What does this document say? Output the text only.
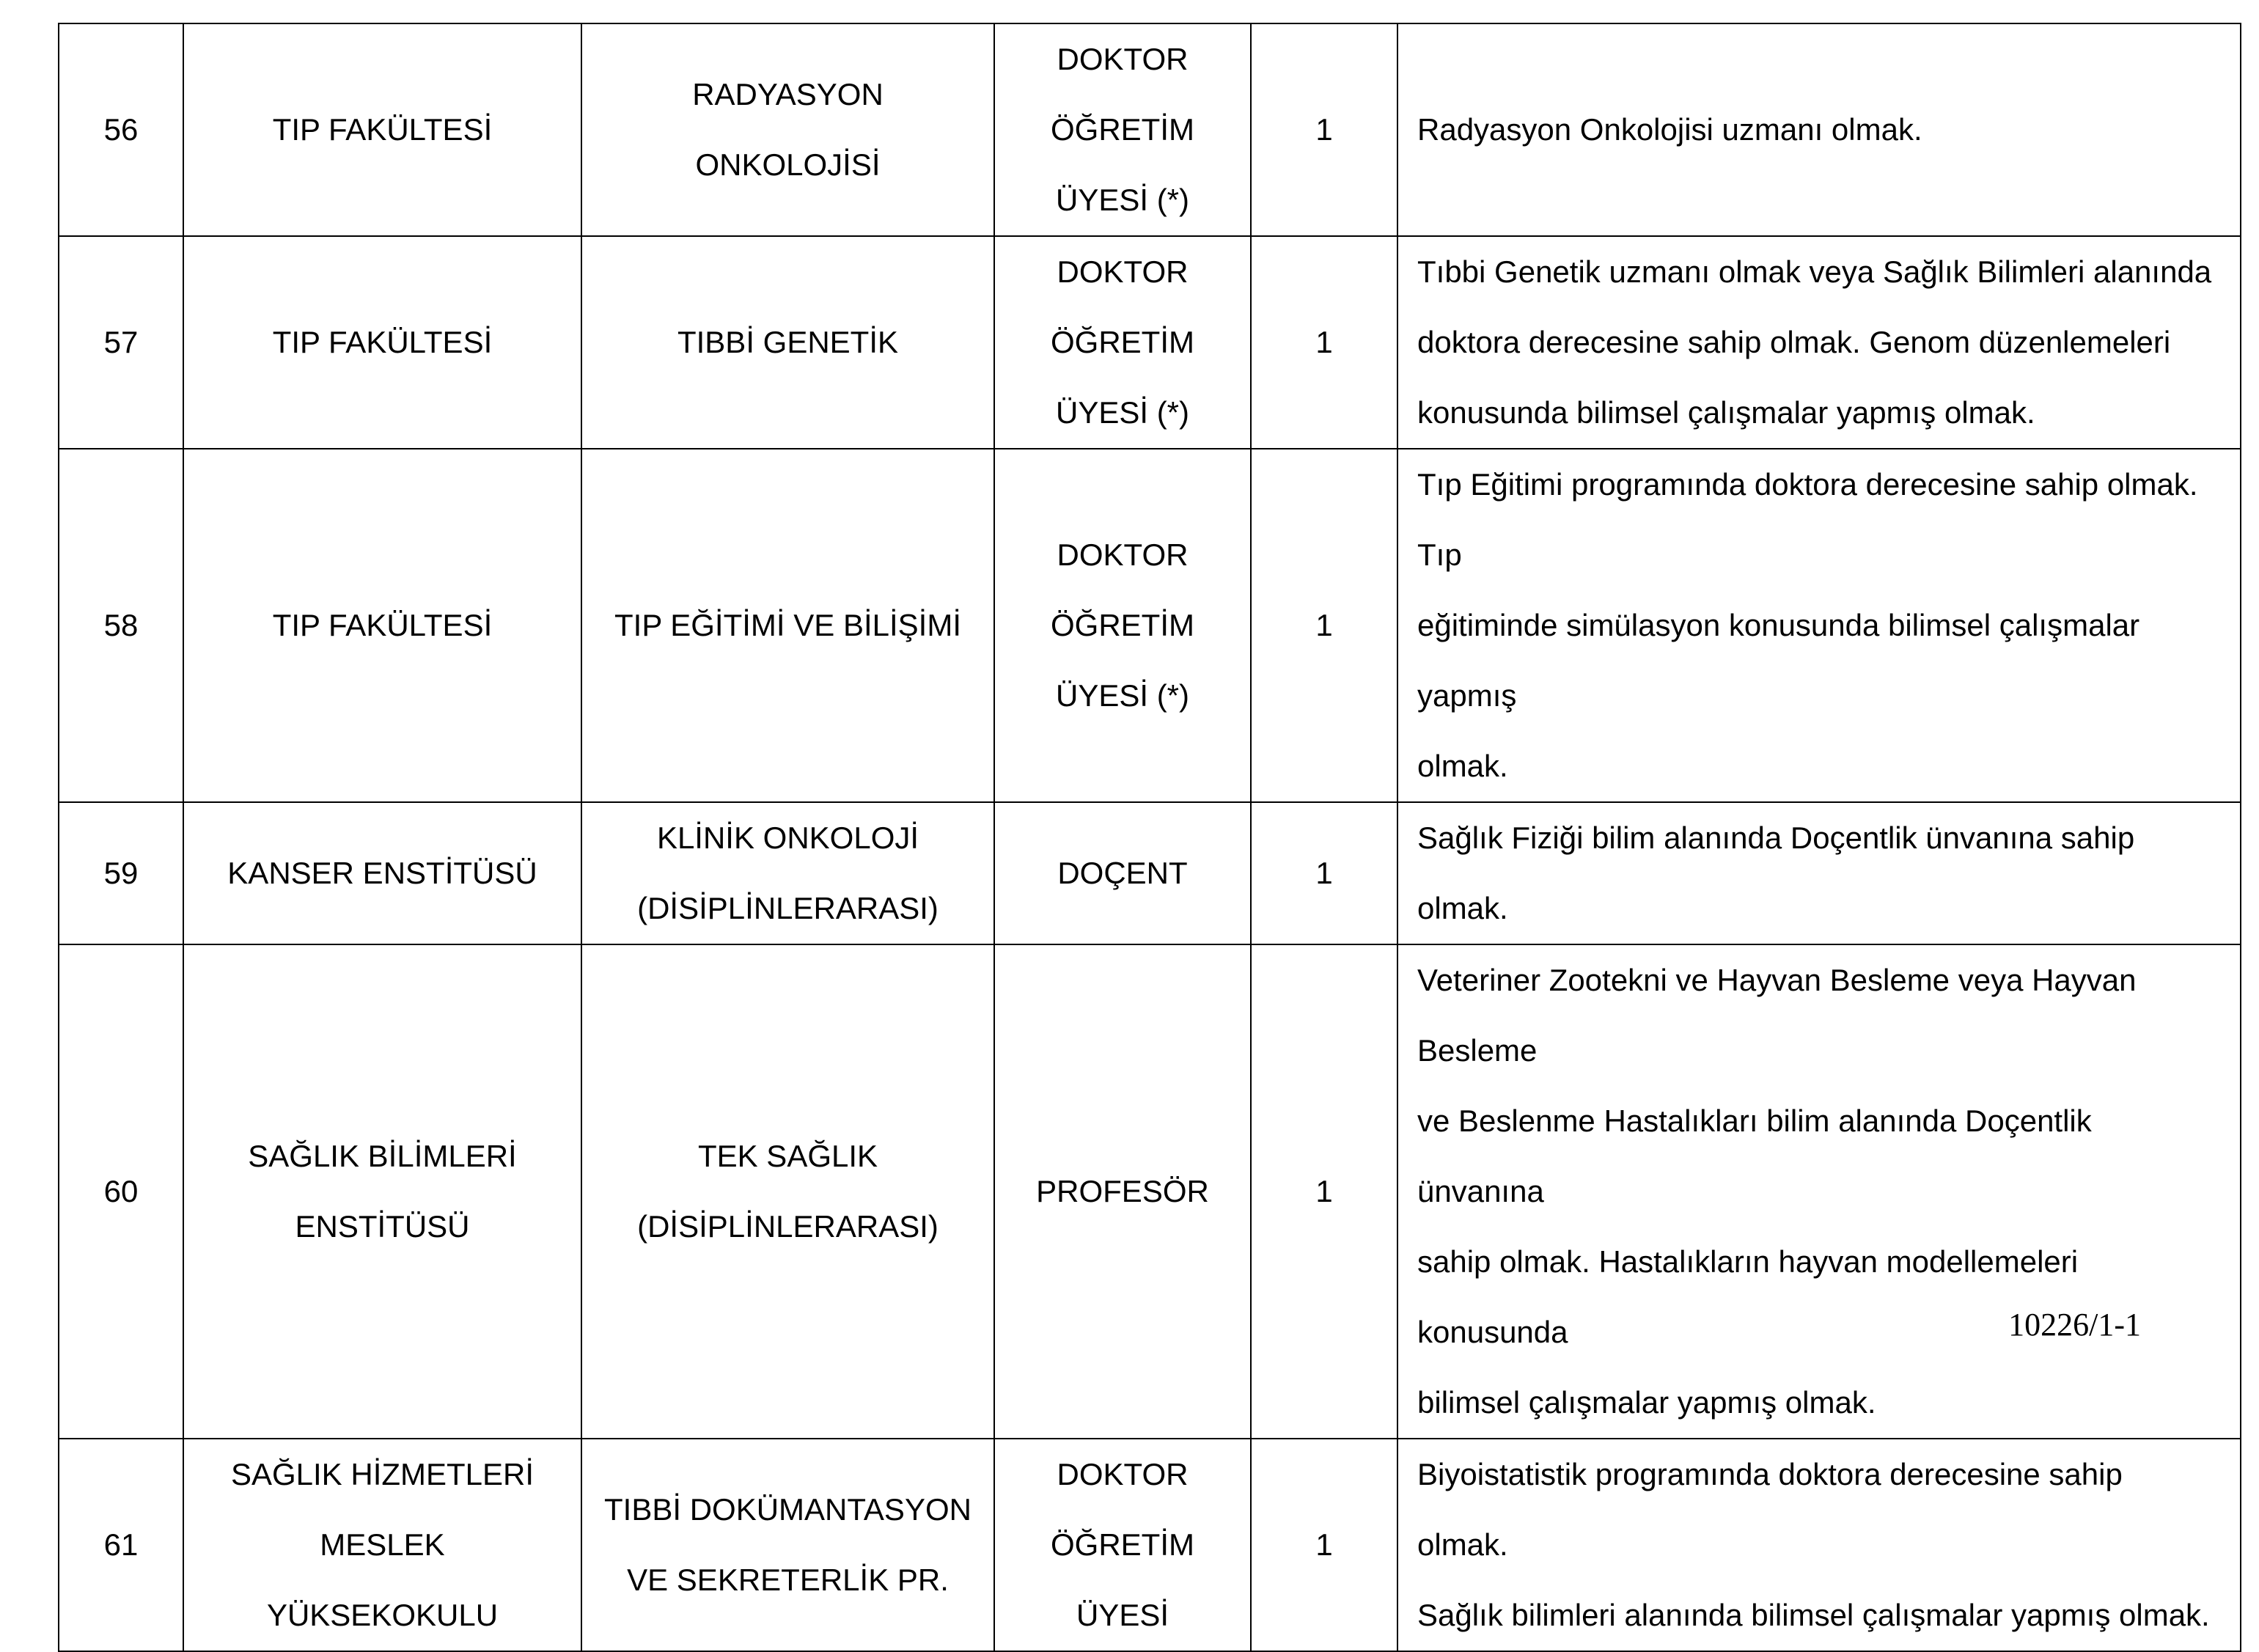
56	TIP FAKÜLTESİ	RADYASYON ONKOLOJİSİ	DOKTOR
ÖĞRETİM
ÜYESİ (*)	1	Radyasyon Onkolojisi uzmanı olmak.

57	TIP FAKÜLTESİ	TIBBİ GENETİK	DOKTOR
ÖĞRETİM
ÜYESİ (*)	1	Tıbbi Genetik uzmanı olmak veya Sağlık Bilimleri alanında
doktora derecesine sahip olmak. Genom düzenlemeleri
konusunda bilimsel çalışmalar yapmış olmak.

58	TIP FAKÜLTESİ	TIP EĞİTİMİ VE BİLİŞİMİ	DOKTOR
ÖĞRETİM
ÜYESİ (*)	1	Tıp Eğitimi programında doktora derecesine sahip olmak. Tıp
eğitiminde simülasyon konusunda bilimsel çalışmalar yapmış
olmak.

59	KANSER ENSTİTÜSÜ	KLİNİK ONKOLOJİ
(DİSİPLİNLERARASI)	DOÇENT	1	Sağlık Fiziği bilim alanında Doçentlik ünvanına sahip olmak.

60	SAĞLIK BİLİMLERİ
ENSTİTÜSÜ	TEK SAĞLIK
(DİSİPLİNLERARASI)	PROFESÖR	1	Veteriner Zootekni ve Hayvan Besleme veya Hayvan Besleme
ve Beslenme Hastalıkları bilim alanında Doçentlik ünvanına
sahip olmak. Hastalıkların hayvan modellemeleri konusunda
bilimsel çalışmalar yapmış olmak.

61	SAĞLIK HİZMETLERİ
MESLEK YÜKSEKOKULU	TIBBİ DOKÜMANTASYON
VE SEKRETERLİK PR.	DOKTOR
ÖĞRETİM
ÜYESİ	1	Biyoistatistik programında doktora derecesine sahip olmak.
Sağlık bilimleri alanında bilimsel çalışmalar yapmış olmak.
10226/1-1
